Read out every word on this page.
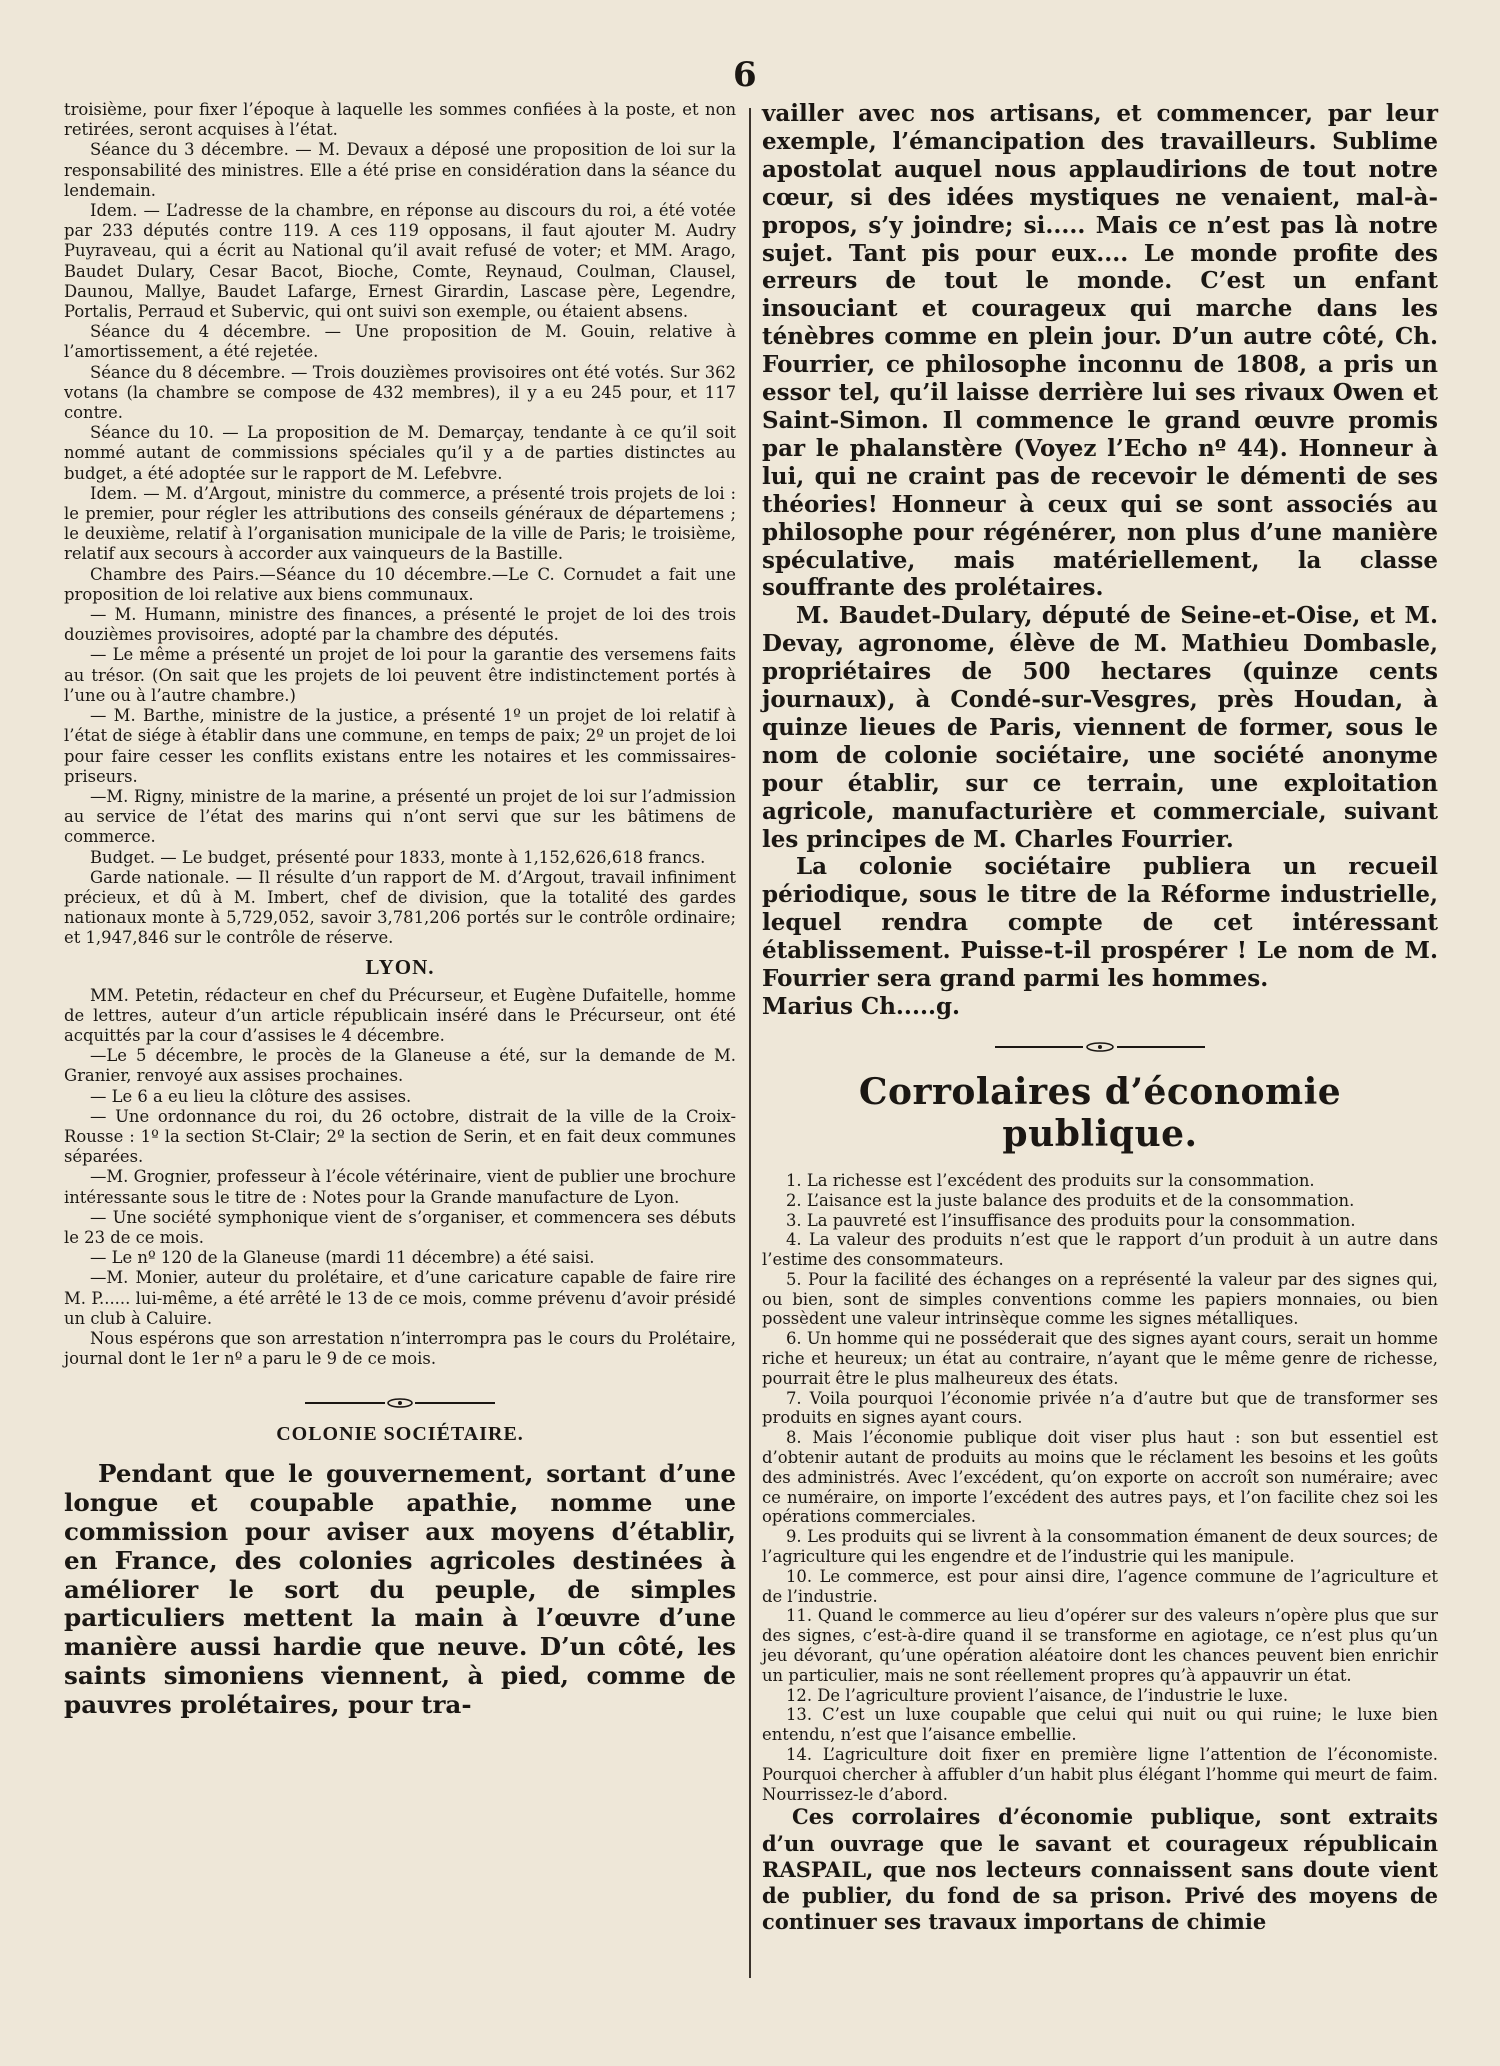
6

troisième, pour fixer l’époque à laquelle les sommes confiées à la poste, et non retirées, seront acquises à l’état.

Séance du 3 décembre. — M. Devaux a déposé une proposition de loi sur la responsabilité des ministres. Elle a été prise en considération dans la séance du lendemain.

Idem. — L’adresse de la chambre, en réponse au discours du roi, a été votée par 233 députés contre 119. A ces 119 opposans, il faut ajouter M. Audry Puyraveau, qui a écrit au National qu’il avait refusé de voter; et MM. Arago, Baudet Dulary, Cesar Bacot, Bioche, Comte, Reynaud, Coulman, Clausel, Daunou, Mallye, Baudet Lafarge, Ernest Girardin, Lascase père, Legendre, Portalis, Perraud et Subervic, qui ont suivi son exemple, ou étaient absens.

Séance du 4 décembre. — Une proposition de M. Gouin, relative à l’amortissement, a été rejetée.

Séance du 8 décembre. — Trois douzièmes provisoires ont été votés. Sur 362 votans (la chambre se compose de 432 membres), il y a eu 245 pour, et 117 contre.

Séance du 10. — La proposition de M. Demarçay, tendante à ce qu’il soit nommé autant de commissions spéciales qu’il y a de parties distinctes au budget, a été adoptée sur le rapport de M. Lefebvre.

Idem. — M. d’Argout, ministre du commerce, a présenté trois projets de loi : le premier, pour régler les attributions des conseils généraux de départemens ; le deuxième, relatif à l’organisation municipale de la ville de Paris; le troisième, relatif aux secours à accorder aux vainqueurs de la Bastille.

Chambre des Pairs.—Séance du 10 décembre.—Le C. Cornudet a fait une proposition de loi relative aux biens communaux.

— M. Humann, ministre des finances, a présenté le projet de loi des trois douzièmes provisoires, adopté par la chambre des députés.

— Le même a présenté un projet de loi pour la garantie des versemens faits au trésor. (On sait que les projets de loi peuvent être indistinctement portés à l’une ou à l’autre chambre.)

— M. Barthe, ministre de la justice, a présenté 1º un projet de loi relatif à l’état de siége à établir dans une commune, en temps de paix; 2º un projet de loi pour faire cesser les conflits existans entre les notaires et les commissaires-priseurs.

—M. Rigny, ministre de la marine, a présenté un projet de loi sur l’admission au service de l’état des marins qui n’ont servi que sur les bâtimens de commerce.

Budget. — Le budget, présenté pour 1833, monte à 1,152,626,618 francs.

Garde nationale. — Il résulte d’un rapport de M. d’Argout, travail infiniment précieux, et dû à M. Imbert, chef de division, que la totalité des gardes nationaux monte à 5,729,052, savoir 3,781,206 portés sur le contrôle ordinaire; et 1,947,846 sur le contrôle de réserve.

LYON.

MM. Petetin, rédacteur en chef du Précurseur, et Eugène Dufaitelle, homme de lettres, auteur d’un article républicain inséré dans le Précurseur, ont été acquittés par la cour d’assises le 4 décembre.

—Le 5 décembre, le procès de la Glaneuse a été, sur la demande de M. Granier, renvoyé aux assises prochaines.

— Le 6 a eu lieu la clôture des assises.

— Une ordonnance du roi, du 26 octobre, distrait de la ville de la Croix-Rousse : 1º la section St-Clair; 2º la section de Serin, et en fait deux communes séparées.

—M. Grognier, professeur à l’école vétérinaire, vient de publier une brochure intéressante sous le titre de : Notes pour la Grande manufacture de Lyon.

— Une société symphonique vient de s’organiser, et commencera ses débuts le 23 de ce mois.

— Le nº 120 de la Glaneuse (mardi 11 décembre) a été saisi.

—M. Monier, auteur du prolétaire, et d’une caricature capable de faire rire M. P...... lui-même, a été arrêté le 13 de ce mois, comme prévenu d’avoir présidé un club à Caluire.

Nous espérons que son arrestation n’interrompra pas le cours du Prolétaire, journal dont le 1er nº a paru le 9 de ce mois.

COLONIE SOCIÉTAIRE.

Pendant que le gouvernement, sortant d’une longue et coupable apathie, nomme une commission pour aviser aux moyens d’établir, en France, des colonies agricoles destinées à améliorer le sort du peuple, de simples particuliers mettent la main à l’œuvre d’une manière aussi hardie que neuve. D’un côté, les saints simoniens viennent, à pied, comme de pauvres prolétaires, pour tra-

vailler avec nos artisans, et commencer, par leur exemple, l’émancipation des travailleurs. Sublime apostolat auquel nous applaudirions de tout notre cœur, si des idées mystiques ne venaient, mal-à-propos, s’y joindre; si..... Mais ce n’est pas là notre sujet. Tant pis pour eux.... Le monde profite des erreurs de tout le monde. C’est un enfant insouciant et courageux qui marche dans les ténèbres comme en plein jour. D’un autre côté, Ch. Fourrier, ce philosophe inconnu de 1808, a pris un essor tel, qu’il laisse derrière lui ses rivaux Owen et Saint-Simon. Il commence le grand œuvre promis par le phalanstère (Voyez l’Echo nº 44). Honneur à lui, qui ne craint pas de recevoir le démenti de ses théories! Honneur à ceux qui se sont associés au philosophe pour régénérer, non plus d’une manière spéculative, mais matériellement, la classe souffrante des prolétaires.

M. Baudet-Dulary, député de Seine-et-Oise, et M. Devay, agronome, élève de M. Mathieu Dombasle, propriétaires de 500 hectares (quinze cents journaux), à Condé-sur-Vesgres, près Houdan, à quinze lieues de Paris, viennent de former, sous le nom de colonie sociétaire, une société anonyme pour établir, sur ce terrain, une exploitation agricole, manufacturière et commerciale, suivant les principes de M. Charles Fourrier.

La colonie sociétaire publiera un recueil périodique, sous le titre de la Réforme industrielle, lequel rendra compte de cet intéressant établissement. Puisse-t-il prospérer ! Le nom de M. Fourrier sera grand parmi les hommes.

Marius Ch.....g.

Corrolaires d’économie publique.

1. La richesse est l’excédent des produits sur la consommation.

2. L’aisance est la juste balance des produits et de la consommation.

3. La pauvreté est l’insuffisance des produits pour la consommation.

4. La valeur des produits n’est que le rapport d’un produit à un autre dans l’estime des consommateurs.

5. Pour la facilité des échanges on a représenté la valeur par des signes qui, ou bien, sont de simples conventions comme les papiers monnaies, ou bien possèdent une valeur intrinsèque comme les signes métalliques.

6. Un homme qui ne posséderait que des signes ayant cours, serait un homme riche et heureux; un état au contraire, n’ayant que le même genre de richesse, pourrait être le plus malheureux des états.

7. Voila pourquoi l’économie privée n’a d’autre but que de transformer ses produits en signes ayant cours.

8. Mais l’économie publique doit viser plus haut : son but essentiel est d’obtenir autant de produits au moins que le réclament les besoins et les goûts des administrés. Avec l’excédent, qu’on exporte on accroît son numéraire; avec ce numéraire, on importe l’excédent des autres pays, et l’on facilite chez soi les opérations commerciales.

9. Les produits qui se livrent à la consommation émanent de deux sources; de l’agriculture qui les engendre et de l’industrie qui les manipule.

10. Le commerce, est pour ainsi dire, l’agence commune de l’agriculture et de l’industrie.

11. Quand le commerce au lieu d’opérer sur des valeurs n’opère plus que sur des signes, c’est-à-dire quand il se transforme en agiotage, ce n’est plus qu’un jeu dévorant, qu’une opération aléatoire dont les chances peuvent bien enrichir un particulier, mais ne sont réellement propres qu’à appauvrir un état.

12. De l’agriculture provient l’aisance, de l’industrie le luxe.

13. C’est un luxe coupable que celui qui nuit ou qui ruine; le luxe bien entendu, n’est que l’aisance embellie.

14. L’agriculture doit fixer en première ligne l’attention de l’économiste. Pourquoi chercher à affubler d’un habit plus élégant l’homme qui meurt de faim. Nourrissez-le d’abord.

Ces corrolaires d’économie publique, sont extraits d’un ouvrage que le savant et courageux républicain RASPAIL, que nos lecteurs connaissent sans doute vient de publier, du fond de sa prison. Privé des moyens de continuer ses travaux importans de chimie
